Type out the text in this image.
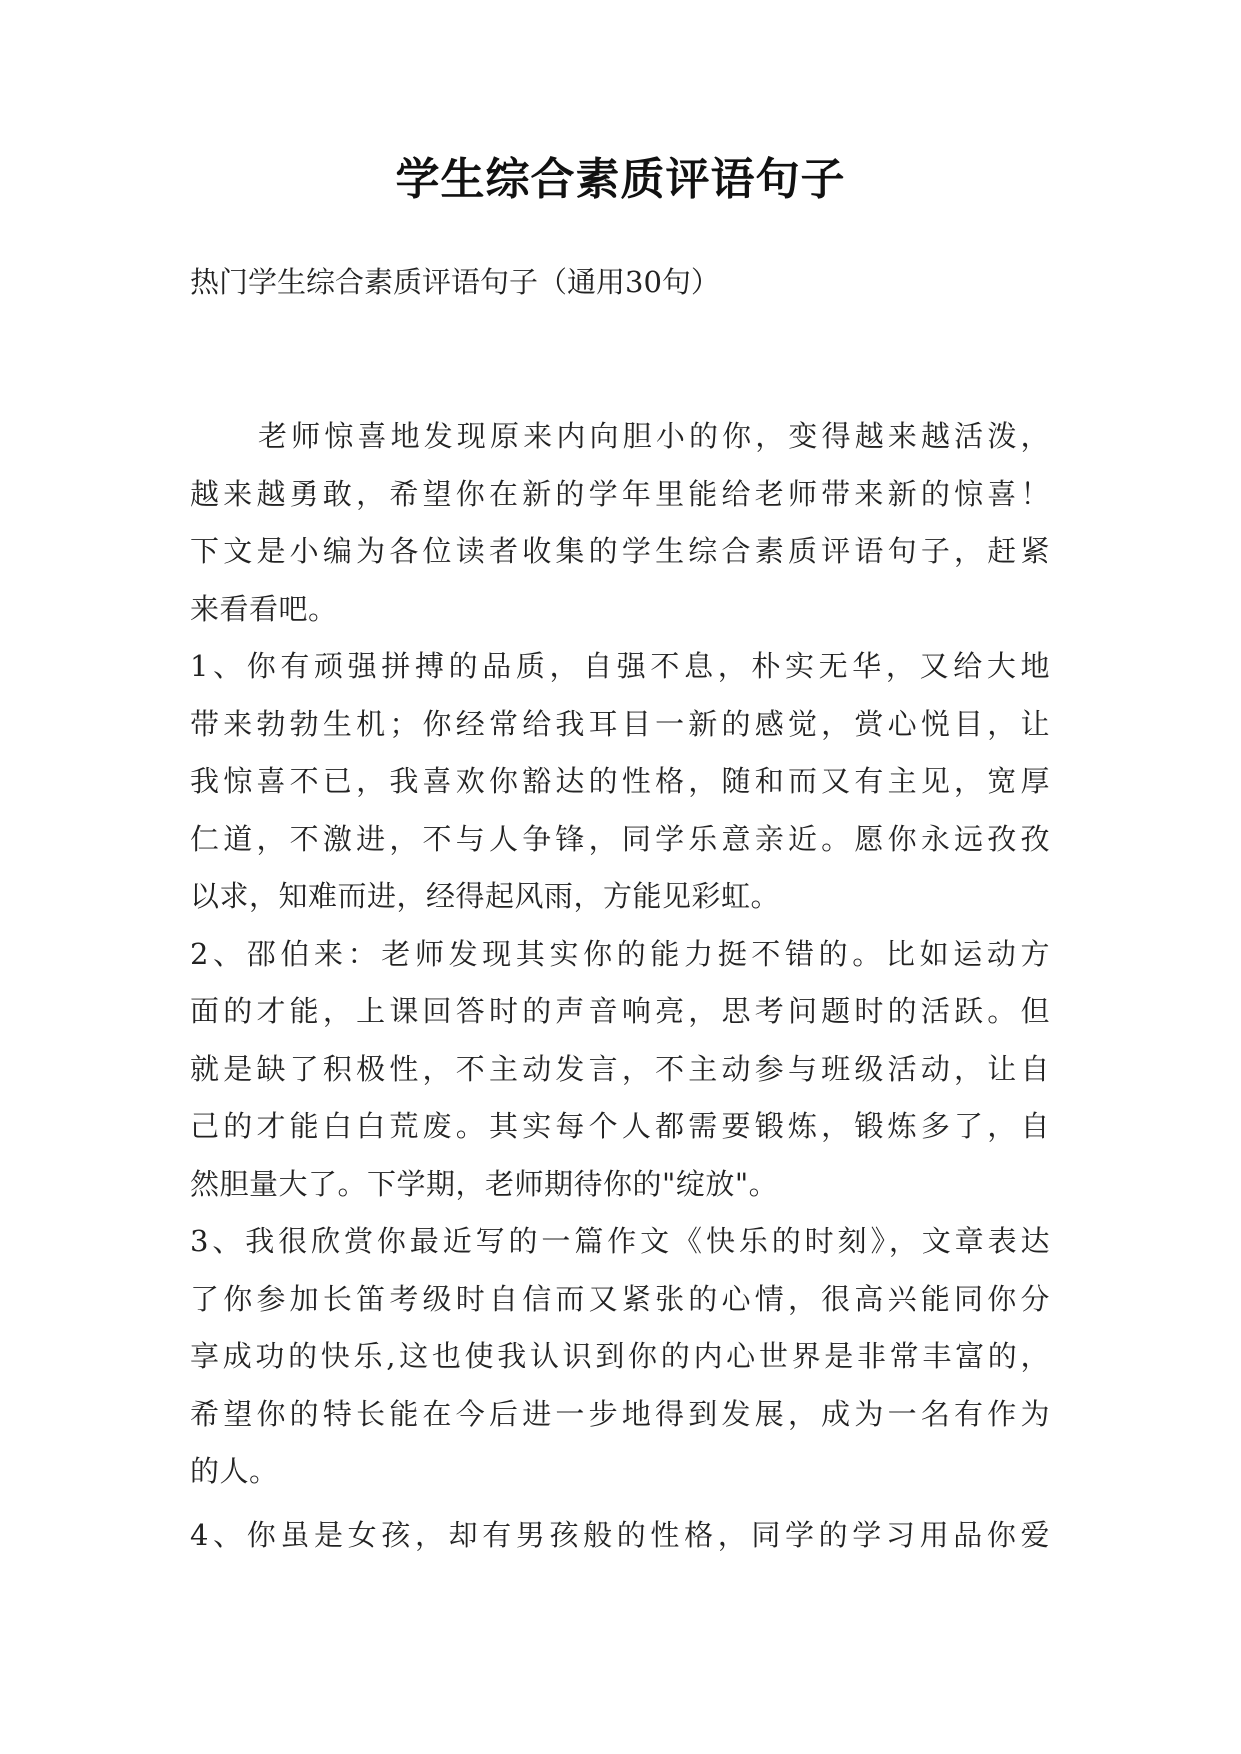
学生综合素质评语句子
热门学生综合素质评语句子（通用30句）
老师惊喜地发现原来内向胆小的你，变得越来越活泼，
越来越勇敢，希望你在新的学年里能给老师带来新的惊喜！
下文是小编为各位读者收集的学生综合素质评语句子，赶紧
来看看吧。
1、你有顽强拼搏的品质，自强不息，朴实无华，又给大地
带来勃勃生机；你经常给我耳目一新的感觉，赏心悦目，让
我惊喜不已，我喜欢你豁达的性格，随和而又有主见，宽厚
仁道，不激进，不与人争锋，同学乐意亲近。愿你永远孜孜
以求，知难而进，经得起风雨，方能见彩虹。
2、邵伯来：老师发现其实你的能力挺不错的。比如运动方
面的才能，上课回答时的声音响亮，思考问题时的活跃。但
就是缺了积极性，不主动发言，不主动参与班级活动，让自
己的才能白白荒废。其实每个人都需要锻炼，锻炼多了，自
然胆量大了。下学期，老师期待你的"绽放"。
3、我很欣赏你最近写的一篇作文《快乐的时刻》，文章表达
了你参加长笛考级时自信而又紧张的心情，很高兴能同你分
享成功的快乐,这也使我认识到你的内心世界是非常丰富的，
希望你的特长能在今后进一步地得到发展，成为一名有作为
的人。
4、你虽是女孩，却有男孩般的性格，同学的学习用品你爱
